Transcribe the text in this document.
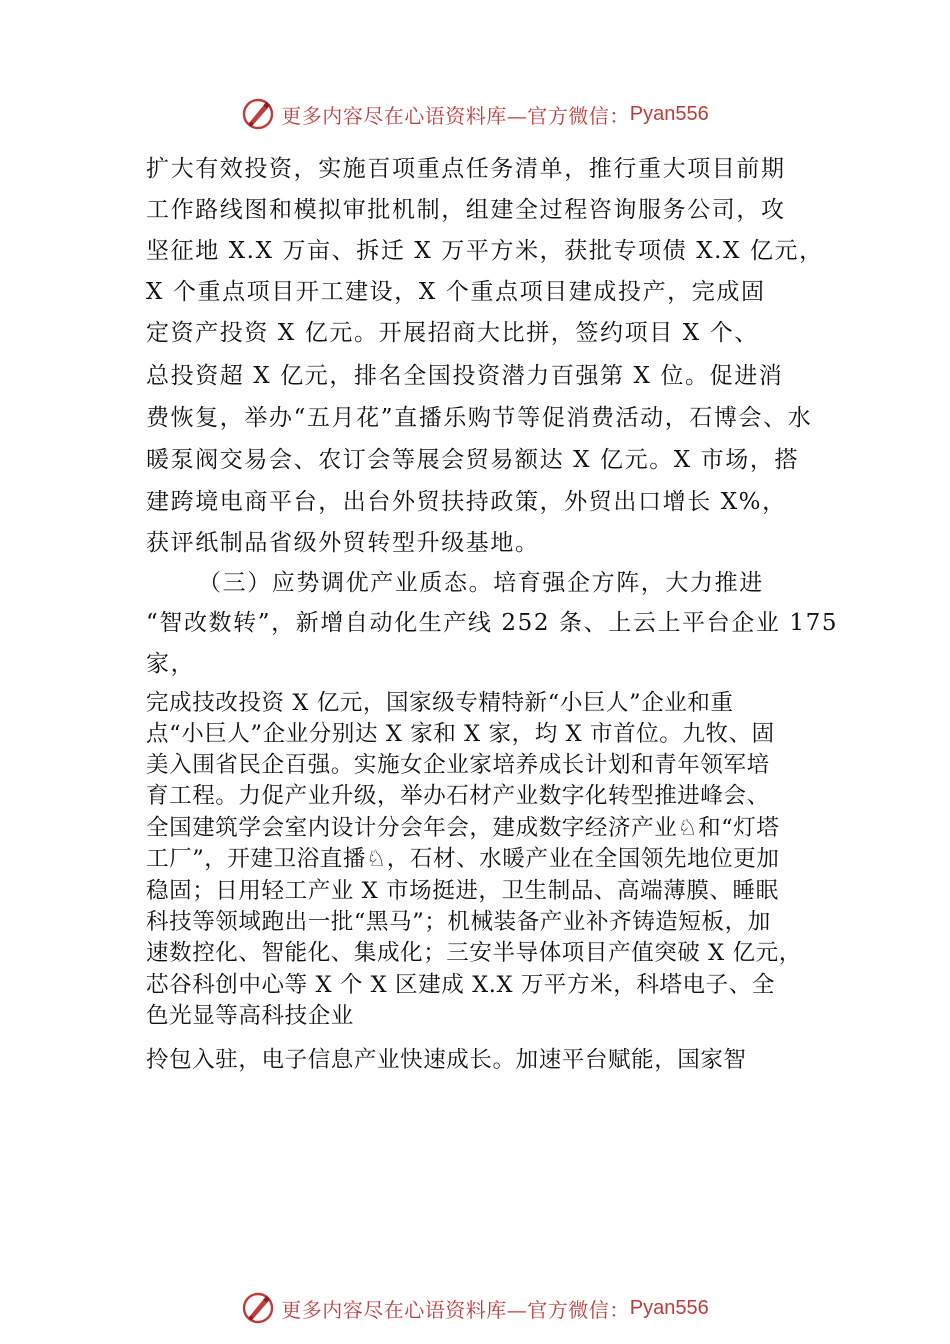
更多内容尽在心语资料库—官方微信： Pyan556
扩大有效投资，实施百项重点任务清单，推行重大项目前期
工作路线图和模拟审批机制，组建全过程咨询服务公司，攻
坚征地 X.X 万亩、拆迁 X 万平方米，获批专项债 X.X 亿元，
X 个重点项目开工建设，X 个重点项目建成投产，完成固
定资产投资 X 亿元。开展招商大比拼，签约项目 X 个、
总投资超 X 亿元，排名全国投资潜力百强第 X 位。促进消
费恢复，举办“五月花”直播乐购节等促消费活动，石博会、水
暖泵阀交易会、农订会等展会贸易额达 X 亿元。X 市场，搭
建跨境电商平台，出台外贸扶持政策，外贸出口增长 X%，
获评纸制品省级外贸转型升级基地。
（三）应势调优产业质态。培育强企方阵，大力推进
“智改数转”，新增自动化生产线 252 条、上云上平台企业 175
家，
完成技改投资 X 亿元，国家级专精特新“小巨人”企业和重
点“小巨人”企业分别达 X 家和 X 家，均 X 市首位。九牧、固
美入围省民企百强。实施女企业家培养成长计划和青年领军培
育工程。力促产业升级，举办石材产业数字化转型推进峰会、
全国建筑学会室内设计分会年会，建成数字经济产业♘和“灯塔
工厂”，开建卫浴直播♘，石材、水暖产业在全国领先地位更加
稳固；日用轻工产业 X 市场挺进，卫生制品、高端薄膜、睡眠
科技等领域跑出一批“黑马”；机械装备产业补齐铸造短板，加
速数控化、智能化、集成化；三安半导体项目产值突破 X 亿元，
芯谷科创中心等 X 个 X 区建成 X.X 万平方米，科塔电子、全
色光显等高科技企业
拎包入驻，电子信息产业快速成长。加速平台赋能，国家智
更多内容尽在心语资料库—官方微信： Pyan556
